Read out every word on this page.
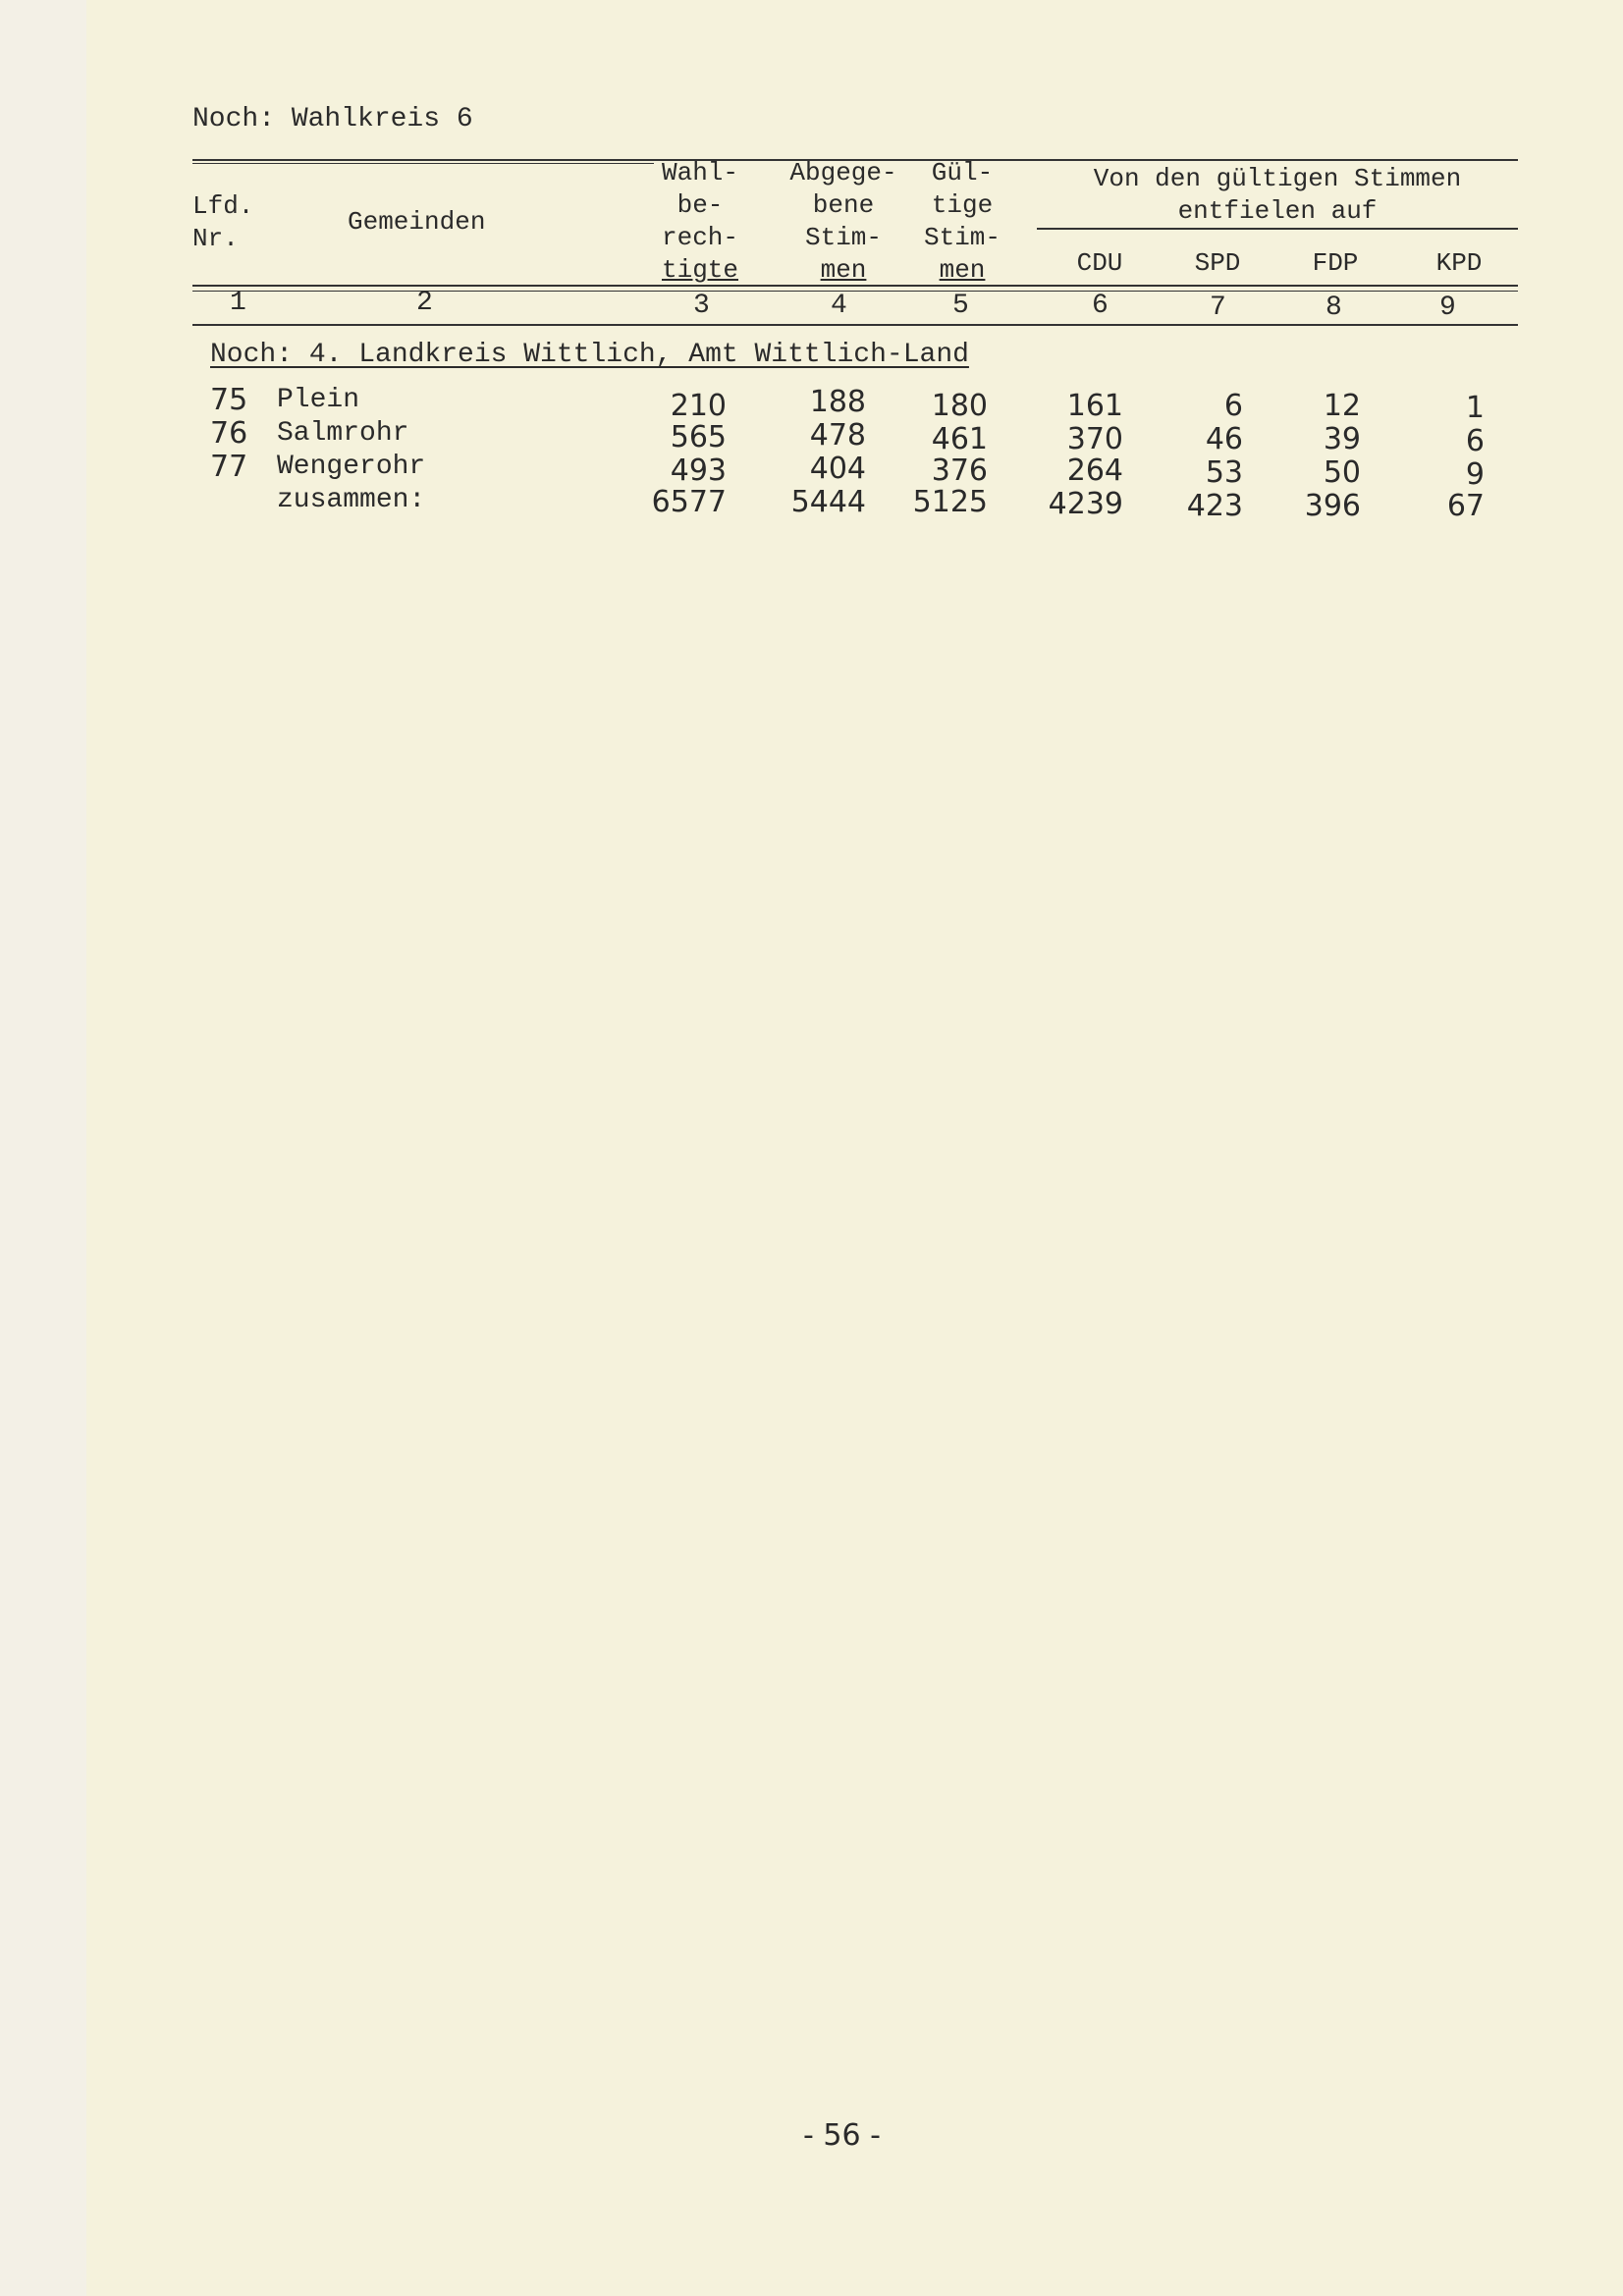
Noch: Wahlkreis 6
Lfd.
Nr.
Gemeinden
Wahl-
be-
rech-
tigte
Abgege-
bene
Stim-
men
Gül-
tige
Stim-
men
Von den gültigen Stimmen
entfielen auf
CDU	SPD	FDP	KPD
1	2	3	4	5	6	7	8	9
Noch: 4. Landkreis Wittlich, Amt Wittlich-Land
75 Plein	210	188	180	161	6	12	1
76 Salmrohr	565	478	461	370	46	39	6
77 Wengerohr	493	404	376	264	53	50	9
zusammen:	6577	5444	5125	4239	423	396	67
- 56 -
